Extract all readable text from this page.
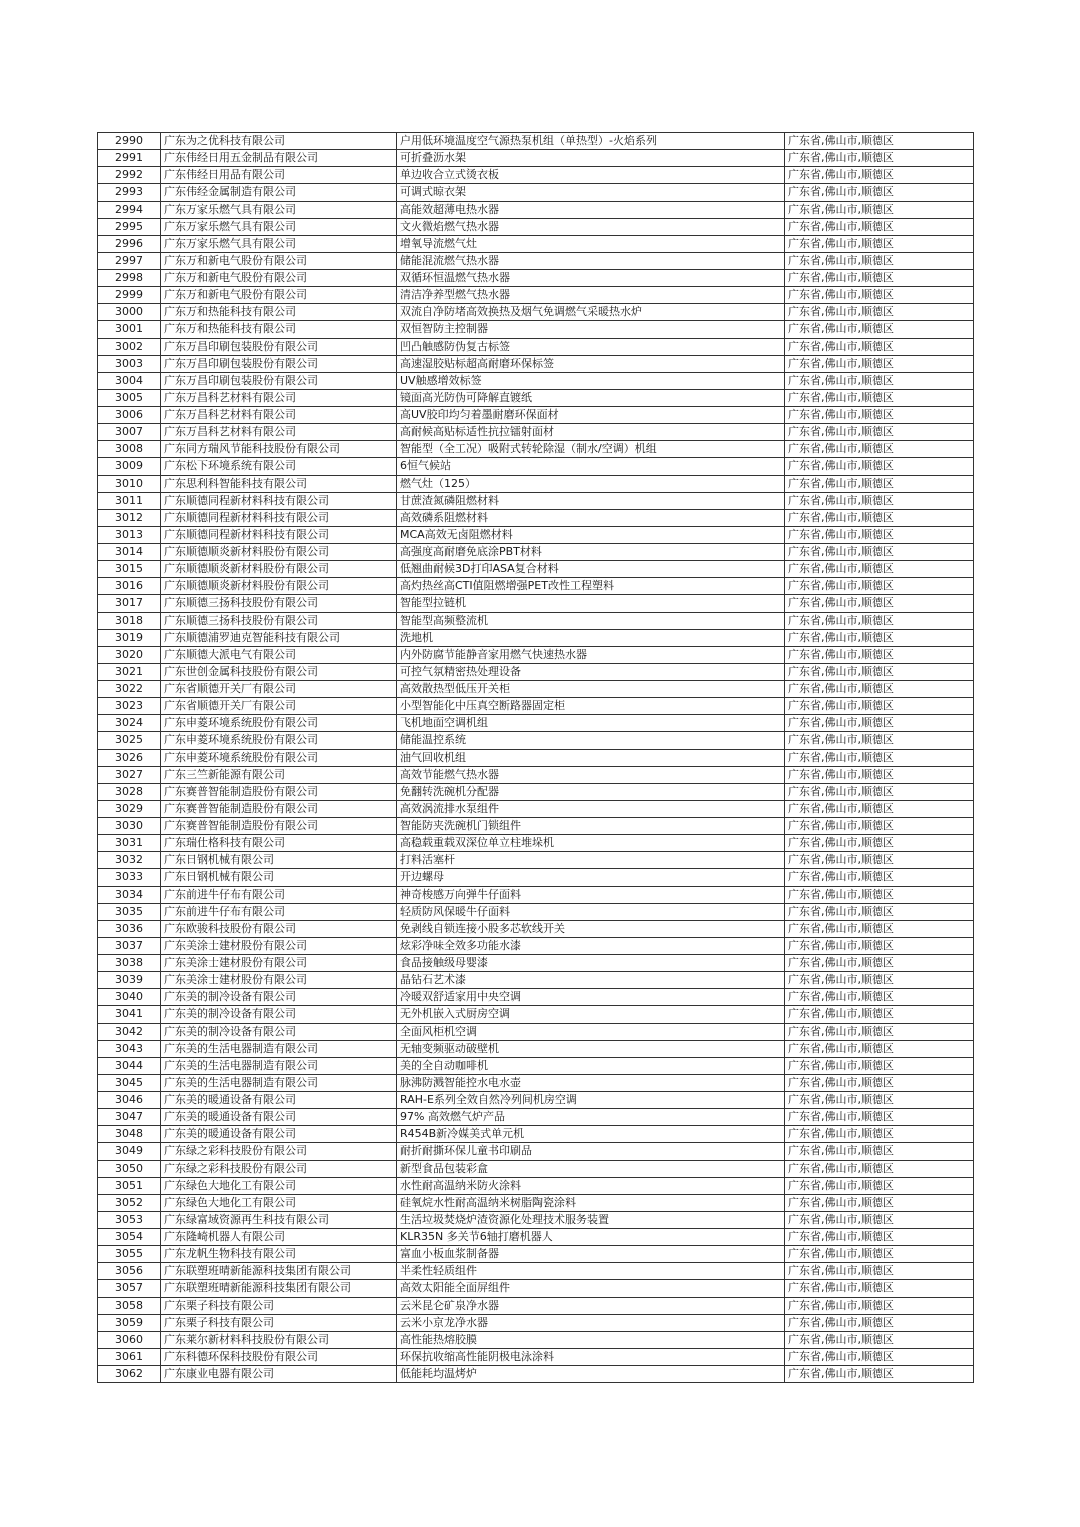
2990	广东为之优科技有限公司	户用低环境温度空气源热泵机组（单热型）-火焰系列	广东省,佛山市,顺德区
2991	广东伟经日用五金制品有限公司	可折叠沥水架	广东省,佛山市,顺德区
2992	广东伟经日用品有限公司	单边收合立式烫衣板	广东省,佛山市,顺德区
2993	广东伟经金属制造有限公司	可调式晾衣架	广东省,佛山市,顺德区
2994	广东万家乐燃气具有限公司	高能效超薄电热水器	广东省,佛山市,顺德区
2995	广东万家乐燃气具有限公司	文火微焰燃气热水器	广东省,佛山市,顺德区
2996	广东万家乐燃气具有限公司	增氧导流燃气灶	广东省,佛山市,顺德区
2997	广东万和新电气股份有限公司	储能混流燃气热水器	广东省,佛山市,顺德区
2998	广东万和新电气股份有限公司	双循环恒温燃气热水器	广东省,佛山市,顺德区
2999	广东万和新电气股份有限公司	清洁净养型燃气热水器	广东省,佛山市,顺德区
3000	广东万和热能科技有限公司	双流自净防堵高效换热及烟气免调燃气采暖热水炉	广东省,佛山市,顺德区
3001	广东万和热能科技有限公司	双恒智防主控制器	广东省,佛山市,顺德区
3002	广东万昌印刷包装股份有限公司	凹凸触感防伪复古标签	广东省,佛山市,顺德区
3003	广东万昌印刷包装股份有限公司	高速湿胶贴标超高耐磨环保标签	广东省,佛山市,顺德区
3004	广东万昌印刷包装股份有限公司	UV触感增效标签	广东省,佛山市,顺德区
3005	广东万昌科艺材料有限公司	镜面高光防伪可降解直镀纸	广东省,佛山市,顺德区
3006	广东万昌科艺材料有限公司	高UV胶印均匀着墨耐磨环保面材	广东省,佛山市,顺德区
3007	广东万昌科艺材料有限公司	高耐候高贴标适性抗拉镭射面材	广东省,佛山市,顺德区
3008	广东同方瑞风节能科技股份有限公司	智能型（全工况）吸附式转轮除湿（制水/空调）机组	广东省,佛山市,顺德区
3009	广东松下环境系统有限公司	6恒气候站	广东省,佛山市,顺德区
3010	广东思利科智能科技有限公司	燃气灶（125）	广东省,佛山市,顺德区
3011	广东顺德同程新材料科技有限公司	甘蔗渣氮磷阻燃材料	广东省,佛山市,顺德区
3012	广东顺德同程新材料科技有限公司	高效磷系阻燃材料	广东省,佛山市,顺德区
3013	广东顺德同程新材料科技有限公司	MCA高效无卤阻燃材料	广东省,佛山市,顺德区
3014	广东顺德顺炎新材料股份有限公司	高强度高耐磨免底涂PBT材料	广东省,佛山市,顺德区
3015	广东顺德顺炎新材料股份有限公司	低翘曲耐候3D打印ASA复合材料	广东省,佛山市,顺德区
3016	广东顺德顺炎新材料股份有限公司	高灼热丝高CTI值阻燃增强PET改性工程塑料	广东省,佛山市,顺德区
3017	广东顺德三扬科技股份有限公司	智能型拉链机	广东省,佛山市,顺德区
3018	广东顺德三扬科技股份有限公司	智能型高频整流机	广东省,佛山市,顺德区
3019	广东顺德浦罗迪克智能科技有限公司	洗地机	广东省,佛山市,顺德区
3020	广东顺德大派电气有限公司	内外防腐节能静音家用燃气快速热水器	广东省,佛山市,顺德区
3021	广东世创金属科技股份有限公司	可控气氛精密热处理设备	广东省,佛山市,顺德区
3022	广东省顺德开关厂有限公司	高效散热型低压开关柜	广东省,佛山市,顺德区
3023	广东省顺德开关厂有限公司	小型智能化中压真空断路器固定柜	广东省,佛山市,顺德区
3024	广东申菱环境系统股份有限公司	飞机地面空调机组	广东省,佛山市,顺德区
3025	广东申菱环境系统股份有限公司	储能温控系统	广东省,佛山市,顺德区
3026	广东申菱环境系统股份有限公司	油气回收机组	广东省,佛山市,顺德区
3027	广东三竺新能源有限公司	高效节能燃气热水器	广东省,佛山市,顺德区
3028	广东赛普智能制造股份有限公司	免翻转洗碗机分配器	广东省,佛山市,顺德区
3029	广东赛普智能制造股份有限公司	高效涡流排水泵组件	广东省,佛山市,顺德区
3030	广东赛普智能制造股份有限公司	智能防夹洗碗机门锁组件	广东省,佛山市,顺德区
3031	广东瑞仕格科技有限公司	高稳载重载双深位单立柱堆垛机	广东省,佛山市,顺德区
3032	广东日钢机械有限公司	打料活塞杆	广东省,佛山市,顺德区
3033	广东日钢机械有限公司	开边螺母	广东省,佛山市,顺德区
3034	广东前进牛仔布有限公司	神奇梭感万向弹牛仔面料	广东省,佛山市,顺德区
3035	广东前进牛仔布有限公司	轻质防风保暖牛仔面料	广东省,佛山市,顺德区
3036	广东欧骏科技股份有限公司	免剥线自锁连接小股多芯软线开关	广东省,佛山市,顺德区
3037	广东美涂士建材股份有限公司	炫彩净味全效多功能水漆	广东省,佛山市,顺德区
3038	广东美涂士建材股份有限公司	食品接触级母婴漆	广东省,佛山市,顺德区
3039	广东美涂士建材股份有限公司	晶钻石艺术漆	广东省,佛山市,顺德区
3040	广东美的制冷设备有限公司	冷暖双舒适家用中央空调	广东省,佛山市,顺德区
3041	广东美的制冷设备有限公司	无外机嵌入式厨房空调	广东省,佛山市,顺德区
3042	广东美的制冷设备有限公司	全面风柜机空调	广东省,佛山市,顺德区
3043	广东美的生活电器制造有限公司	无轴变频驱动破壁机	广东省,佛山市,顺德区
3044	广东美的生活电器制造有限公司	美的全自动咖啡机	广东省,佛山市,顺德区
3045	广东美的生活电器制造有限公司	脉沸防溅智能控水电水壶	广东省,佛山市,顺德区
3046	广东美的暖通设备有限公司	RAH-E系列全效自然冷列间机房空调	广东省,佛山市,顺德区
3047	广东美的暖通设备有限公司	97% 高效燃气炉产品	广东省,佛山市,顺德区
3048	广东美的暖通设备有限公司	R454B新冷媒美式单元机	广东省,佛山市,顺德区
3049	广东绿之彩科技股份有限公司	耐折耐撕环保儿童书印刷品	广东省,佛山市,顺德区
3050	广东绿之彩科技股份有限公司	新型食品包装彩盒	广东省,佛山市,顺德区
3051	广东绿色大地化工有限公司	水性耐高温纳米防火涂料	广东省,佛山市,顺德区
3052	广东绿色大地化工有限公司	硅氧烷水性耐高温纳米树脂陶瓷涂料	广东省,佛山市,顺德区
3053	广东绿富域资源再生科技有限公司	生活垃圾焚烧炉渣资源化处理技术服务装置	广东省,佛山市,顺德区
3054	广东隆崎机器人有限公司	KLR35N 多关节6轴打磨机器人	广东省,佛山市,顺德区
3055	广东龙帆生物科技有限公司	富血小板血浆制备器	广东省,佛山市,顺德区
3056	广东联塑班晴新能源科技集团有限公司	半柔性轻质组件	广东省,佛山市,顺德区
3057	广东联塑班晴新能源科技集团有限公司	高效太阳能全面屏组件	广东省,佛山市,顺德区
3058	广东栗子科技有限公司	云米昆仑矿泉净水器	广东省,佛山市,顺德区
3059	广东栗子科技有限公司	云米小京龙净水器	广东省,佛山市,顺德区
3060	广东莱尔新材料科技股份有限公司	高性能热熔胶膜	广东省,佛山市,顺德区
3061	广东科德环保科技股份有限公司	环保抗收缩高性能阴极电泳涂料	广东省,佛山市,顺德区
3062	广东康业电器有限公司	低能耗均温烤炉	广东省,佛山市,顺德区
